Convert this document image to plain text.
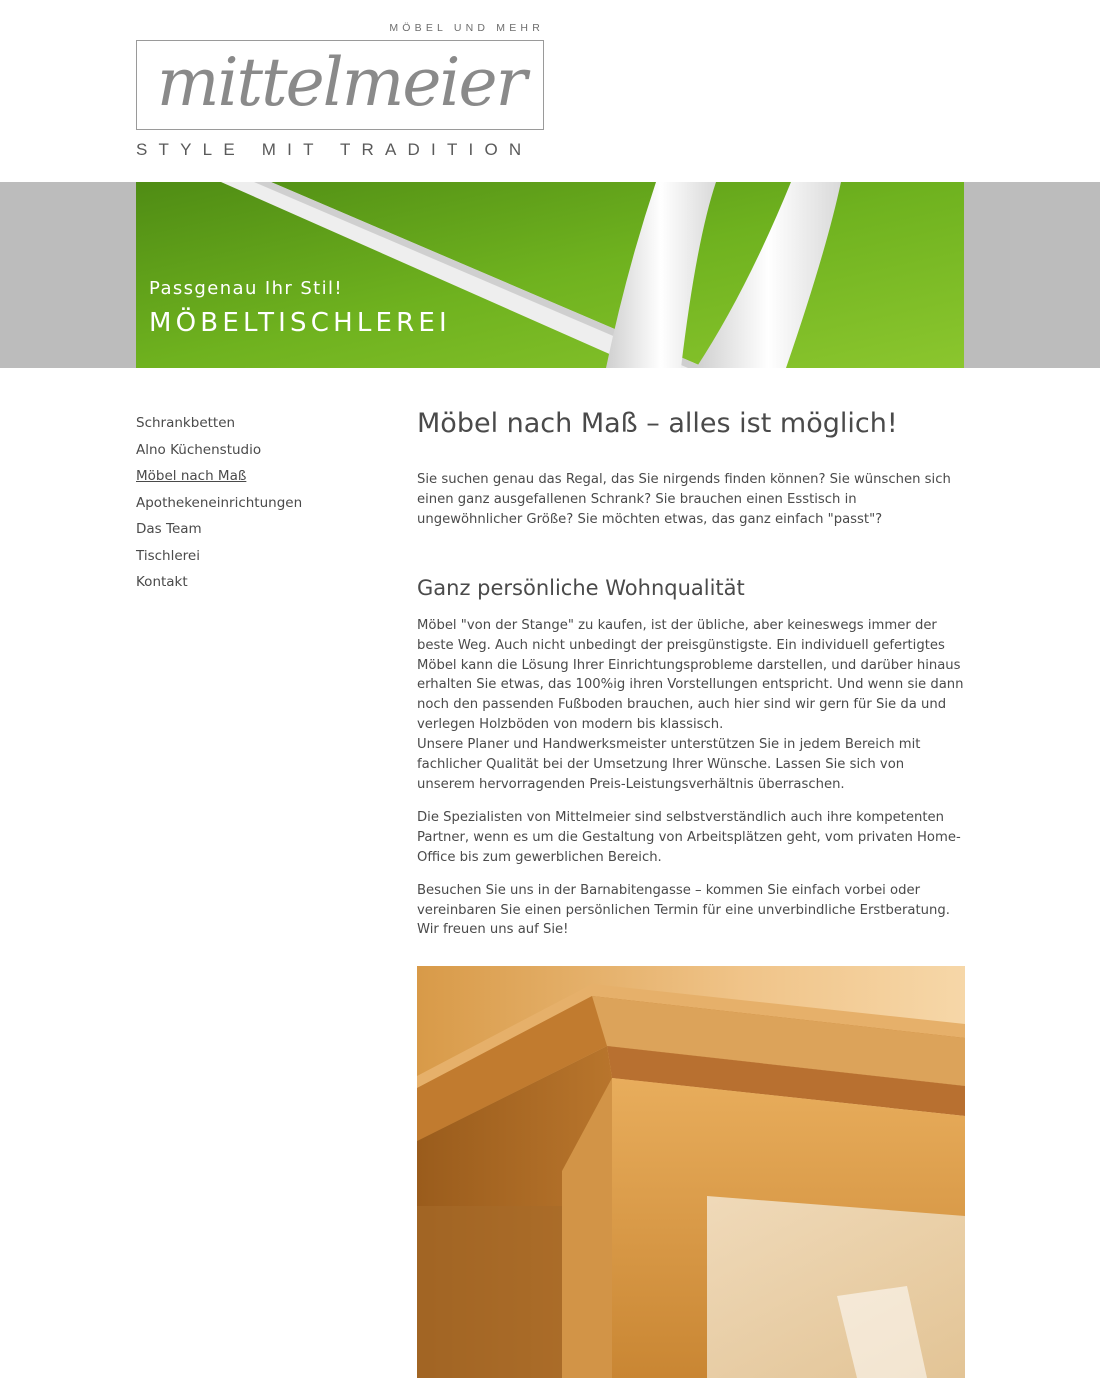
MÖBEL UND MEHR
mittelmeier
STYLE MIT TRADITION
Passgenau Ihr Stil!
MÖBELTISCHLEREI
Schrankbetten
Alno Küchenstudio
Möbel nach Maß
Apothekeneinrichtungen
Das Team
Tischlerei
Kontakt
Möbel nach Maß – alles ist möglich!

Sie suchen genau das Regal, das Sie nirgends finden können? Sie wünschen sich einen ganz ausgefallenen Schrank? Sie brauchen einen Esstisch in ungewöhnlicher Größe? Sie möchten etwas, das ganz einfach "passt"?

Ganz persönliche Wohnqualität

Möbel "von der Stange" zu kaufen, ist der übliche, aber keineswegs immer der beste Weg. Auch nicht unbedingt der preisgünstigste. Ein individuell gefertigtes Möbel kann die Lösung Ihrer Einrichtungsprobleme darstellen, und darüber hinaus erhalten Sie etwas, das 100%ig ihren Vorstellungen entspricht. Und wenn sie dann noch den passenden Fußboden brauchen, auch hier sind wir gern für Sie da und verlegen Holzböden von modern bis klassisch.

Unsere Planer und Handwerksmeister unterstützen Sie in jedem Bereich mit fachlicher Qualität bei der Umsetzung Ihrer Wünsche. Lassen Sie sich von unserem hervorragenden Preis-Leistungsverhältnis überraschen.

Die Spezialisten von Mittelmeier sind selbstverständlich auch ihre kompetenten Partner, wenn es um die Gestaltung von Arbeitsplätzen geht, vom privaten Home-Office bis zum gewerblichen Bereich.

Besuchen Sie uns in der Barnabitengasse – kommen Sie einfach vorbei oder vereinbaren Sie einen persönlichen Termin für eine unverbindliche Erstberatung. Wir freuen uns auf Sie!
